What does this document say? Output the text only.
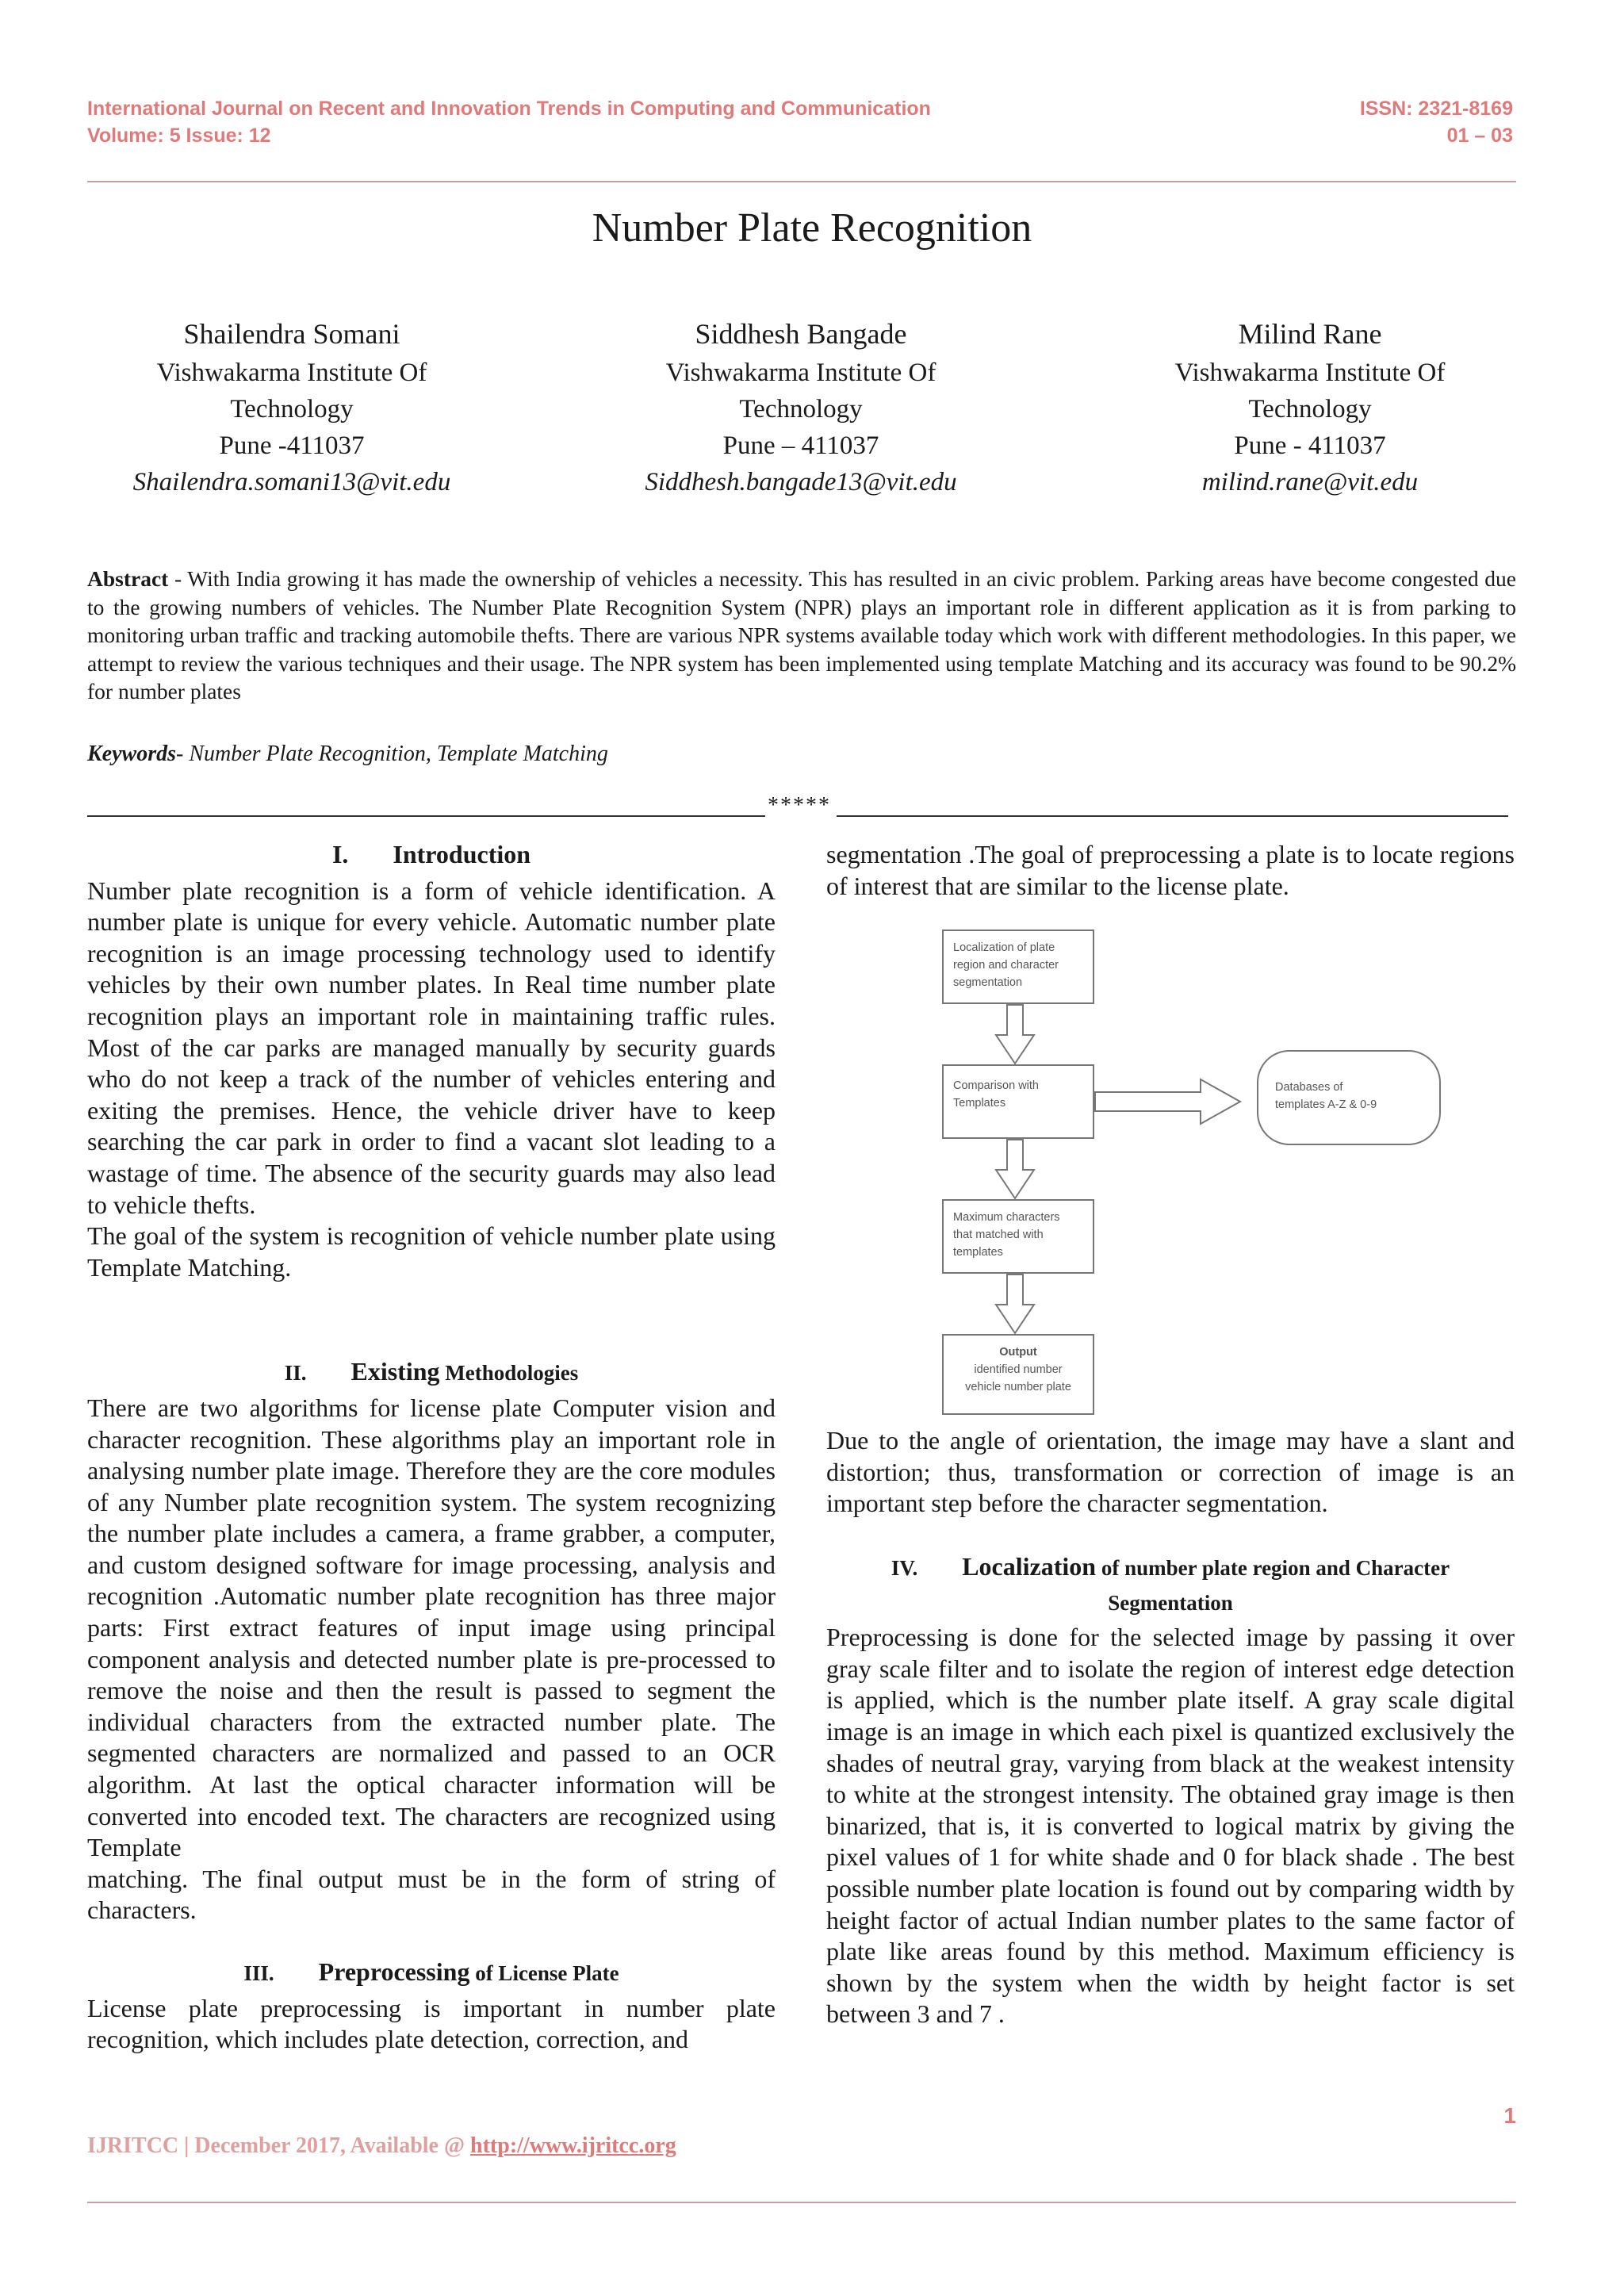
International Journal on Recent and Innovation Trends in Computing and Communication
Volume: 5 Issue: 12
ISSN: 2321-8169
01 – 03
Number Plate Recognition
Shailendra Somani
Vishwakarma Institute Of
Technology
Pune -411037
Shailendra.somani13@vit.edu
Siddhesh Bangade
Vishwakarma Institute Of
Technology
Pune – 411037
Siddhesh.bangade13@vit.edu
Milind Rane
Vishwakarma Institute Of
Technology
Pune - 411037
milind.rane@vit.edu
Abstract - With India growing it has made the ownership of vehicles a necessity. This has resulted in an civic problem. Parking areas have become congested due to the growing numbers of vehicles. The Number Plate Recognition System (NPR) plays an important role in different application as it is from parking to monitoring urban traffic and tracking automobile thefts. There are various NPR systems available today which work with different methodologies. In this paper, we attempt to review the various techniques and their usage. The NPR system has been implemented using template Matching and its accuracy was found to be 90.2% for number plates
Keywords- Number Plate Recognition, Template Matching
*****

I. Introduction

Number plate recognition is a form of vehicle identification. A number plate is unique for every vehicle. Automatic number plate recognition is an image processing technology used to identify vehicles by their own number plates. In Real time number plate recognition plays an important role in maintaining traffic rules. Most of the car parks are managed manually by security guards who do not keep a track of the number of vehicles entering and exiting the premises. Hence, the vehicle driver have to keep searching the car park in order to find a vacant slot leading to a wastage of time. The absence of the security guards may also lead to vehicle thefts.

The goal of the system is recognition of vehicle number plate using Template Matching.

II. Existing Methodologies

There are two algorithms for license plate Computer vision and character recognition. These algorithms play an important role in analysing number plate image. Therefore they are the core modules of any Number plate recognition system. The system recognizing the number plate includes a camera, a frame grabber, a computer, and custom designed software for image processing, analysis and recognition .Automatic number plate recognition has three major parts: First extract features of input image using principal component analysis and detected number plate is pre-processed to remove the noise and then the result is passed to segment the individual characters from the extracted number plate. The segmented characters are normalized and passed to an OCR algorithm. At last the optical character information will be converted into encoded text. The characters are recognized using Template

matching. The final output must be in the form of string of characters.

III. Preprocessing of License Plate

License plate preprocessing is important in number plate recognition, which includes plate detection, correction, and

segmentation .The goal of preprocessing a plate is to locate regions of interest that are similar to the license plate.

Localization of plate
region and character
segmentation
Comparison with
Templates
Databases of
templates A-Z & 0-9
Maximum characters
that matched with
templates
Output
identified number
vehicle number plate

Due to the angle of orientation, the image may have a slant and distortion; thus, transformation or correction of image is an important step before the character segmentation.

IV. Localization of number plate region and Character

Segmentation

Preprocessing is done for the selected image by passing it over gray scale filter and to isolate the region of interest edge detection is applied, which is the number plate itself. A gray scale digital image is an image in which each pixel is quantized exclusively the shades of neutral gray, varying from black at the weakest intensity to white at the strongest intensity. The obtained gray image is then binarized, that is, it is converted to logical matrix by giving the pixel values of 1 for white shade and 0 for black shade . The best possible number plate location is found out by comparing width by height factor of actual Indian number plates to the same factor of plate like areas found by this method. Maximum efficiency is shown by the system when the width by height factor is set between 3 and 7 .

1
IJRITCC | December 2017, Available @ http://www.ijritcc.org
